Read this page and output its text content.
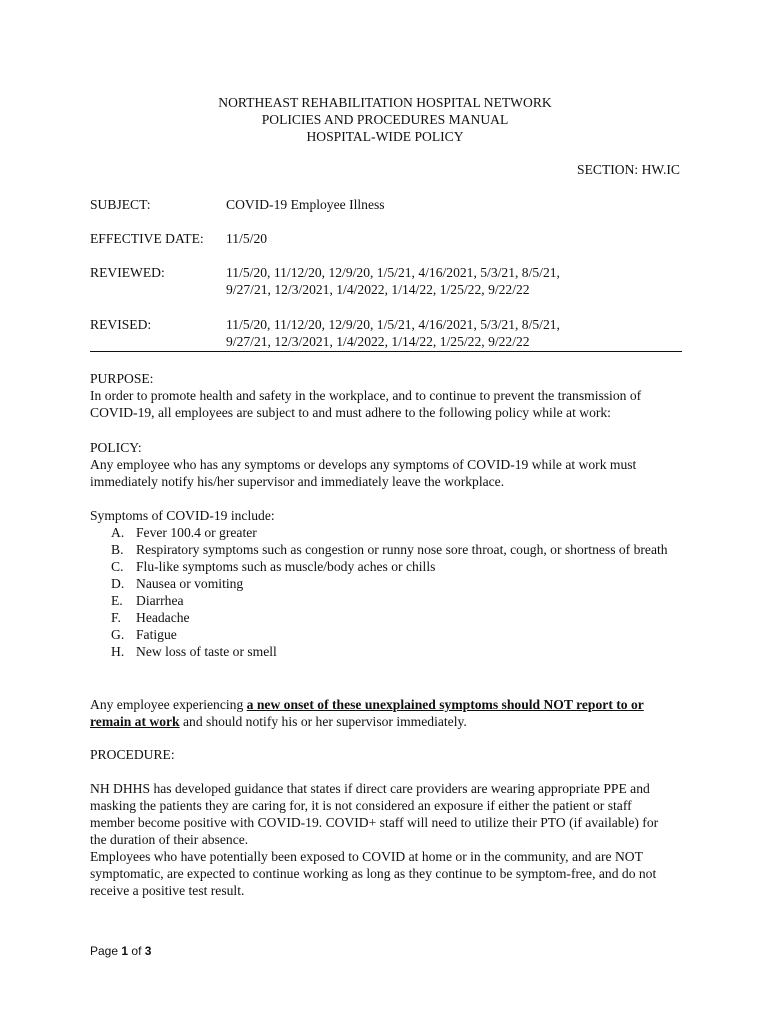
NORTHEAST REHABILITATION HOSPITAL NETWORK
POLICIES AND PROCEDURES MANUAL
HOSPITAL-WIDE POLICY
SECTION: HW.IC
SUBJECT:	COVID-19 Employee Illness
EFFECTIVE DATE: 11/5/20
REVIEWED:	11/5/20, 11/12/20, 12/9/20, 1/5/21, 4/16/2021, 5/3/21, 8/5/21,
9/27/21, 12/3/2021, 1/4/2022, 1/14/22, 1/25/22, 9/22/22
REVISED:	11/5/20, 11/12/20, 12/9/20, 1/5/21, 4/16/2021, 5/3/21, 8/5/21,
9/27/21, 12/3/2021, 1/4/2022, 1/14/22, 1/25/22, 9/22/22

PURPOSE:

In order to promote health and safety in the workplace, and to continue to prevent the transmission of

COVID-19, all employees are subject to and must adhere to the following policy while at work:

POLICY:

Any employee who has any symptoms or develops any symptoms of COVID-19 while at work must

immediately notify his/her supervisor and immediately leave the workplace.

Symptoms of COVID-19 include:
A. Fever 100.4 or greater
B. Respiratory symptoms such as congestion or runny nose sore throat, cough, or shortness of breath
C. Flu-like symptoms such as muscle/body aches or chills
D. Nausea or vomiting
E. Diarrhea
F. Headache
G. Fatigue
H. New loss of taste or smell
Any employee experiencing a new onset of these unexplained symptoms should NOT report to or remain at work and should notify his or her supervisor immediately.
PROCEDURE:

NH DHHS has developed guidance that states if direct care providers are wearing appropriate PPE and masking the patients they are caring for, it is not considered an exposure if either the patient or staff member become positive with COVID-19. COVID+ staff will need to utilize their PTO (if available) for the duration of their absence.

Employees who have potentially been exposed to COVID at home or in the community, and are NOT symptomatic, are expected to continue working as long as they continue to be symptom-free, and do not receive a positive test result.

Page 1 of 3
